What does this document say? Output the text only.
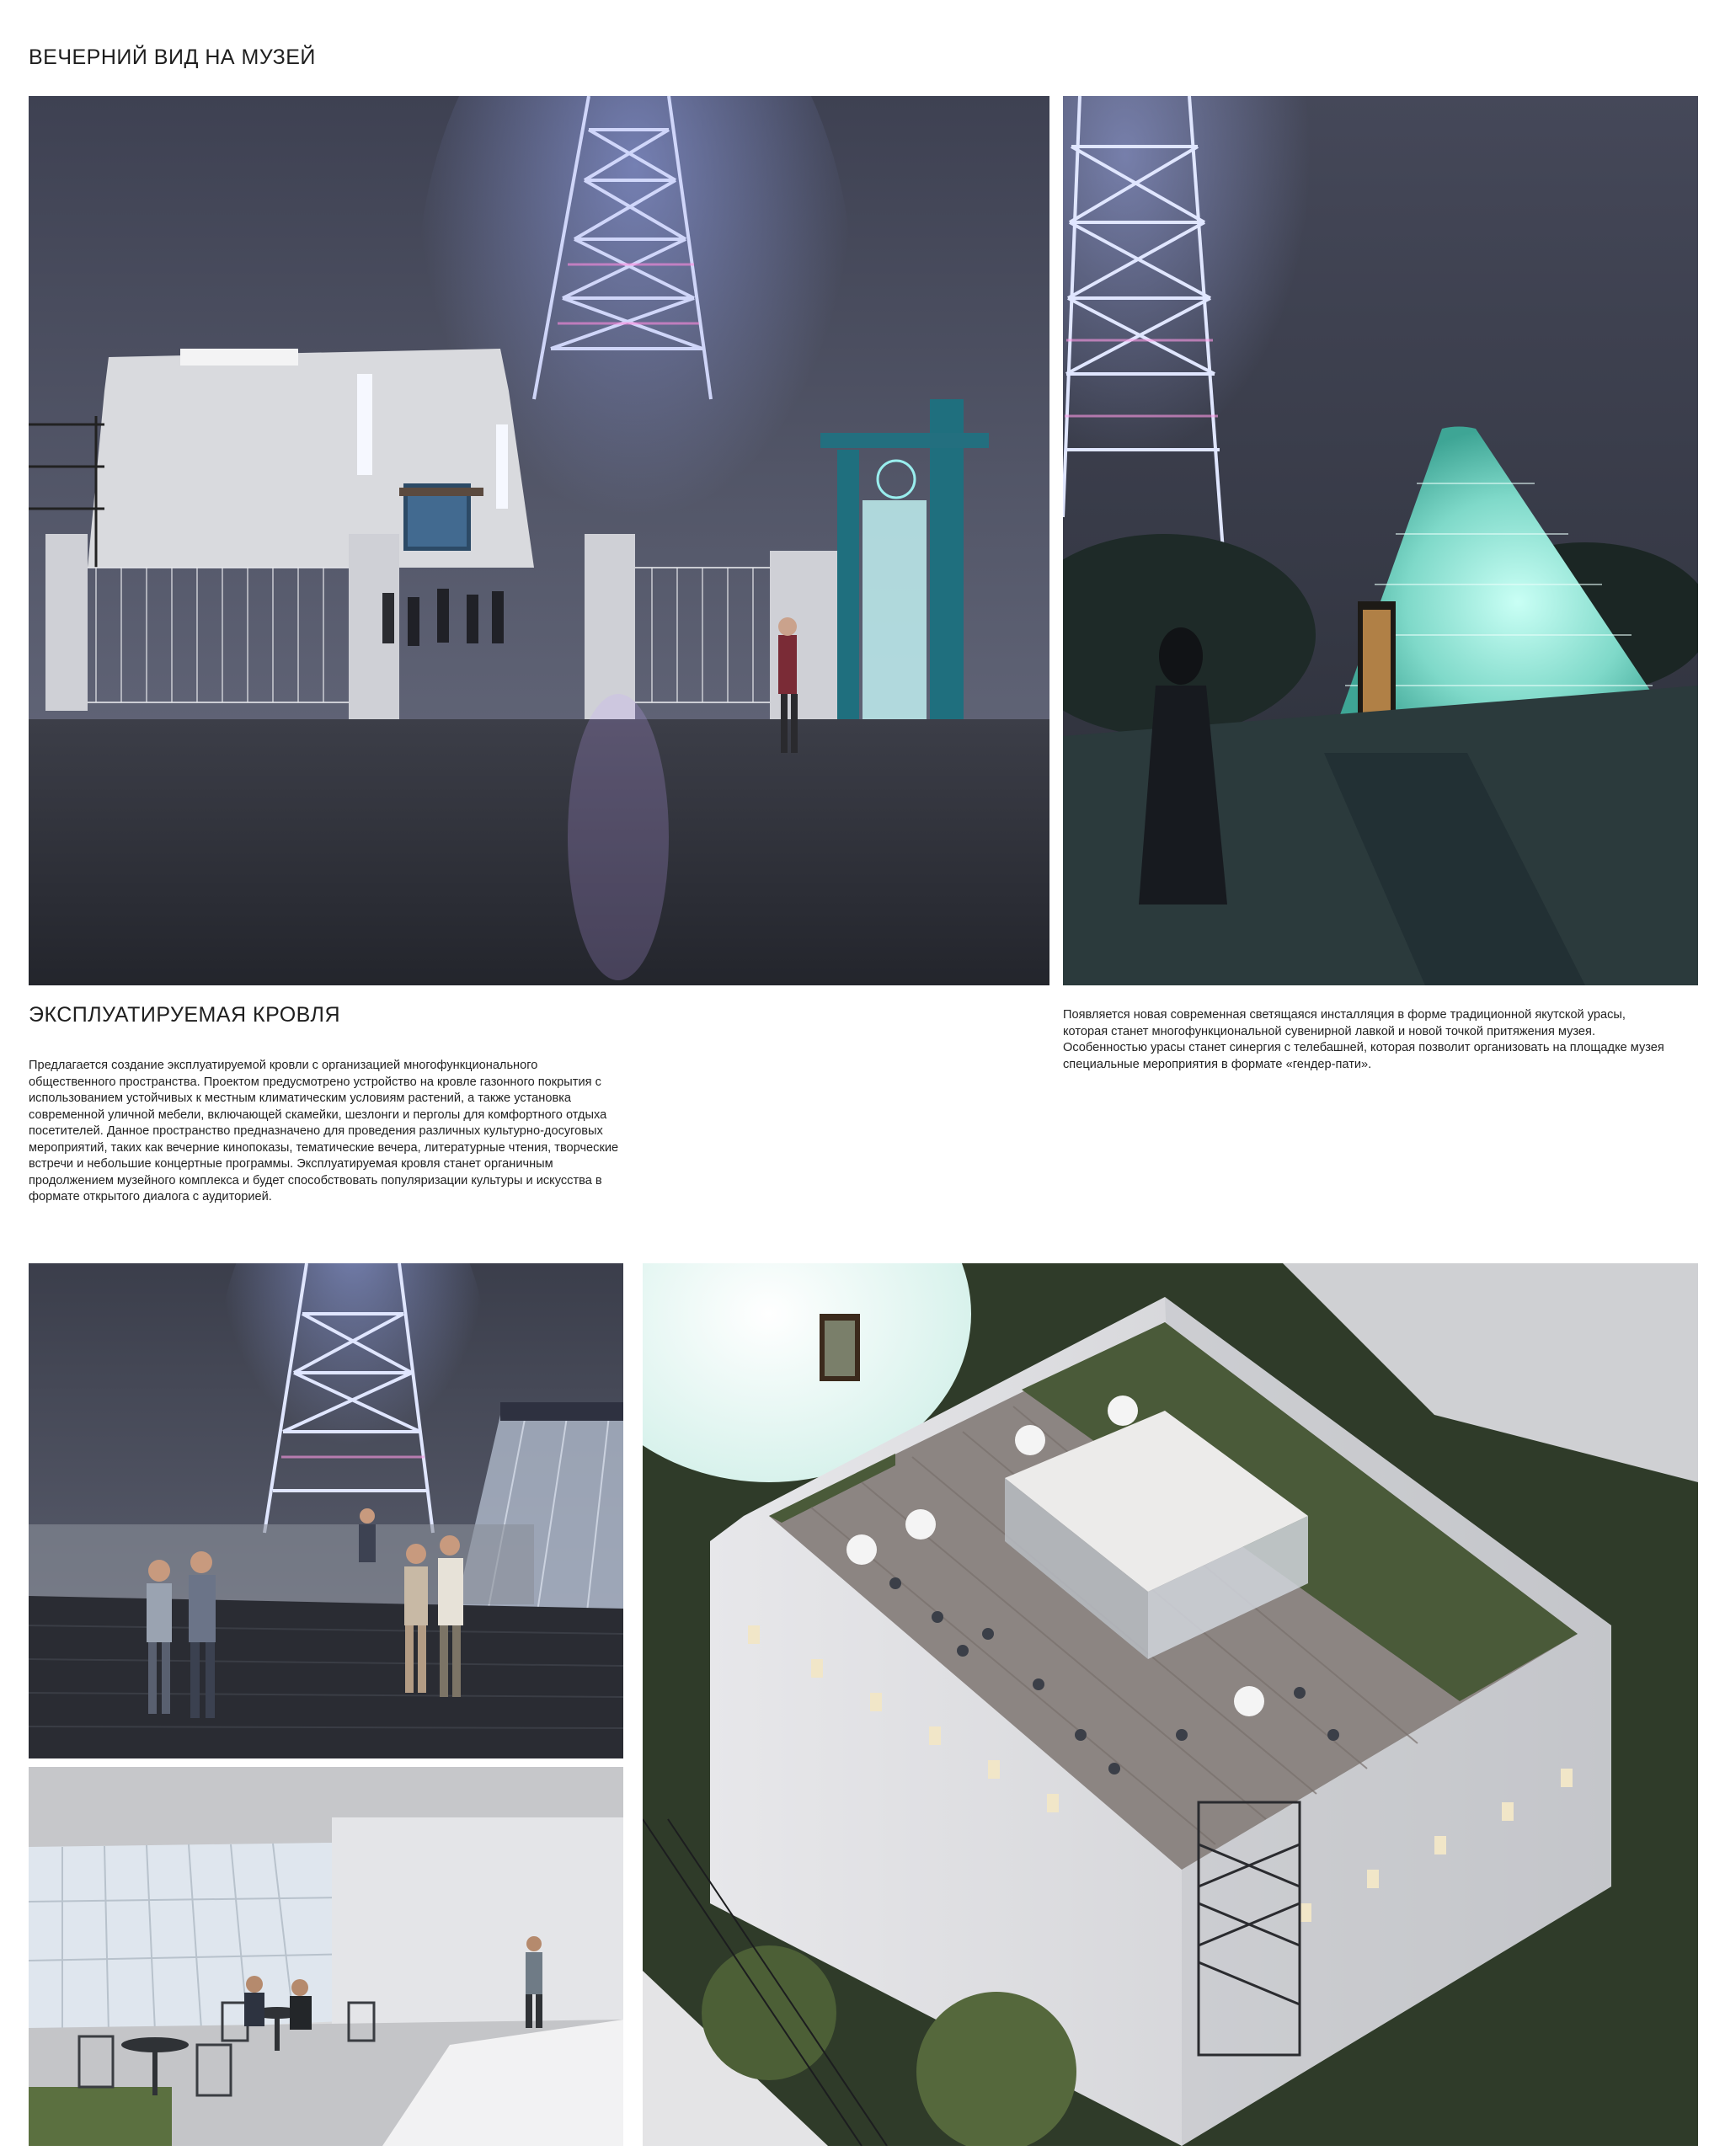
ВЕЧЕРНИЙ ВИД НА МУЗЕЙ
ЭКСПЛУАТИРУЕМАЯ КРОВЛЯ

Предлагается создание эксплуатируемой кровли с организацией многофункционального общественного пространства. Проектом предусмотрено устройство на кровле газонного покрытия с использованием устойчивых к местным климатическим условиям растений, а также установка современной уличной мебели, включающей скамейки, шезлонги и перголы для комфортного отдыха посетителей. Данное пространство предназначено для проведения различных культурно-досуговых мероприятий, таких как вечерние кинопоказы, тематические вечера, литературные чтения, творческие встречи и небольшие концертные программы. Эксплуатируемая кровля станет органичным продолжением музейного комплекса и будет способствовать популяризации культуры и искусства в формате открытого диалога с аудиторией.

Появляется новая современная светящаяся инсталляция в форме традиционной якутской урасы, которая станет многофункциональной сувенирной лавкой и новой точкой притяжения музея. Особенностью урасы станет синергия с телебашней, которая позволит организовать на площадке музея специальные мероприятия в формате «гендер-пати».
